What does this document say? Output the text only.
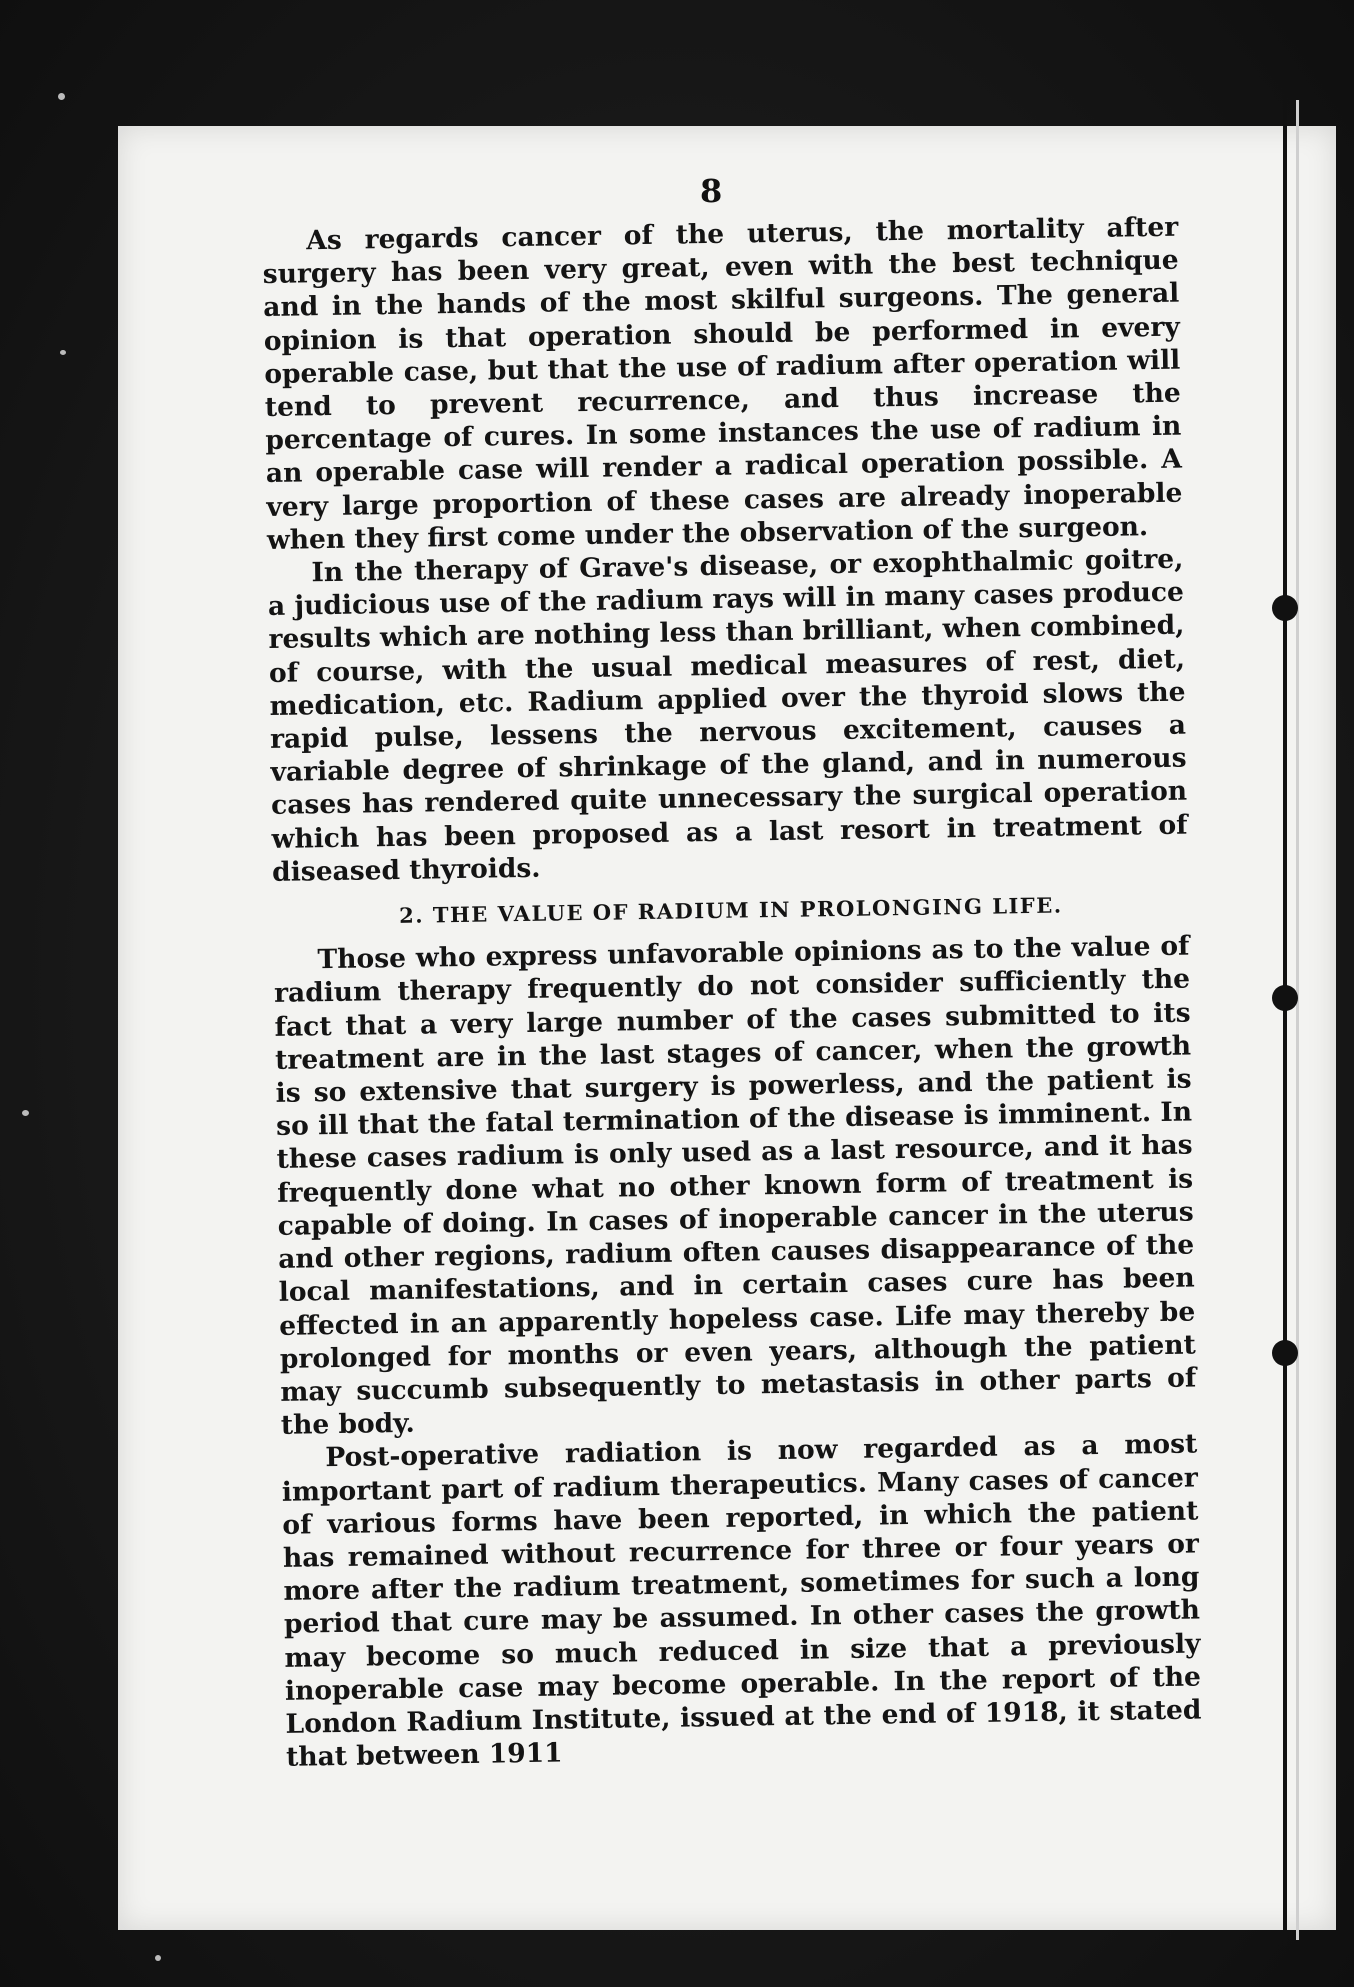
8

As regards cancer of the uterus, the mortality after surgery has been very great, even with the best technique and in the hands of the most skilful surgeons. The general opinion is that operation should be performed in every operable case, but that the use of radium after operation will tend to prevent recurrence, and thus increase the percentage of cures. In some instances the use of radium in an operable case will render a radical operation possible. A very large proportion of these cases are already inoperable when they first come under the observation of the surgeon.

In the therapy of Grave's disease, or exophthalmic goitre, a judicious use of the radium rays will in many cases produce results which are nothing less than brilliant, when combined, of course, with the usual medical measures of rest, diet, medication, etc. Radium applied over the thyroid slows the rapid pulse, lessens the nervous excitement, causes a variable degree of shrinkage of the gland, and in numerous cases has rendered quite unnecessary the surgical operation which has been proposed as a last resort in treatment of diseased thyroids.

2. THE VALUE OF RADIUM IN PROLONGING LIFE.

Those who express unfavorable opinions as to the value of radium therapy frequently do not consider sufficiently the fact that a very large number of the cases submitted to its treatment are in the last stages of cancer, when the growth is so extensive that surgery is powerless, and the patient is so ill that the fatal termination of the disease is imminent. In these cases radium is only used as a last resource, and it has frequently done what no other known form of treatment is capable of doing. In cases of inoperable cancer in the uterus and other regions, radium often causes disappearance of the local manifestations, and in certain cases cure has been effected in an apparently hopeless case. Life may thereby be prolonged for months or even years, although the patient may succumb subsequently to metastasis in other parts of the body.

Post-operative radiation is now regarded as a most important part of radium therapeutics. Many cases of cancer of various forms have been reported, in which the patient has remained without recurrence for three or four years or more after the radium treatment, sometimes for such a long period that cure may be assumed. In other cases the growth may become so much reduced in size that a previously inoperable case may become operable. In the report of the London Radium Institute, issued at the end of 1918, it stated that between 1911
